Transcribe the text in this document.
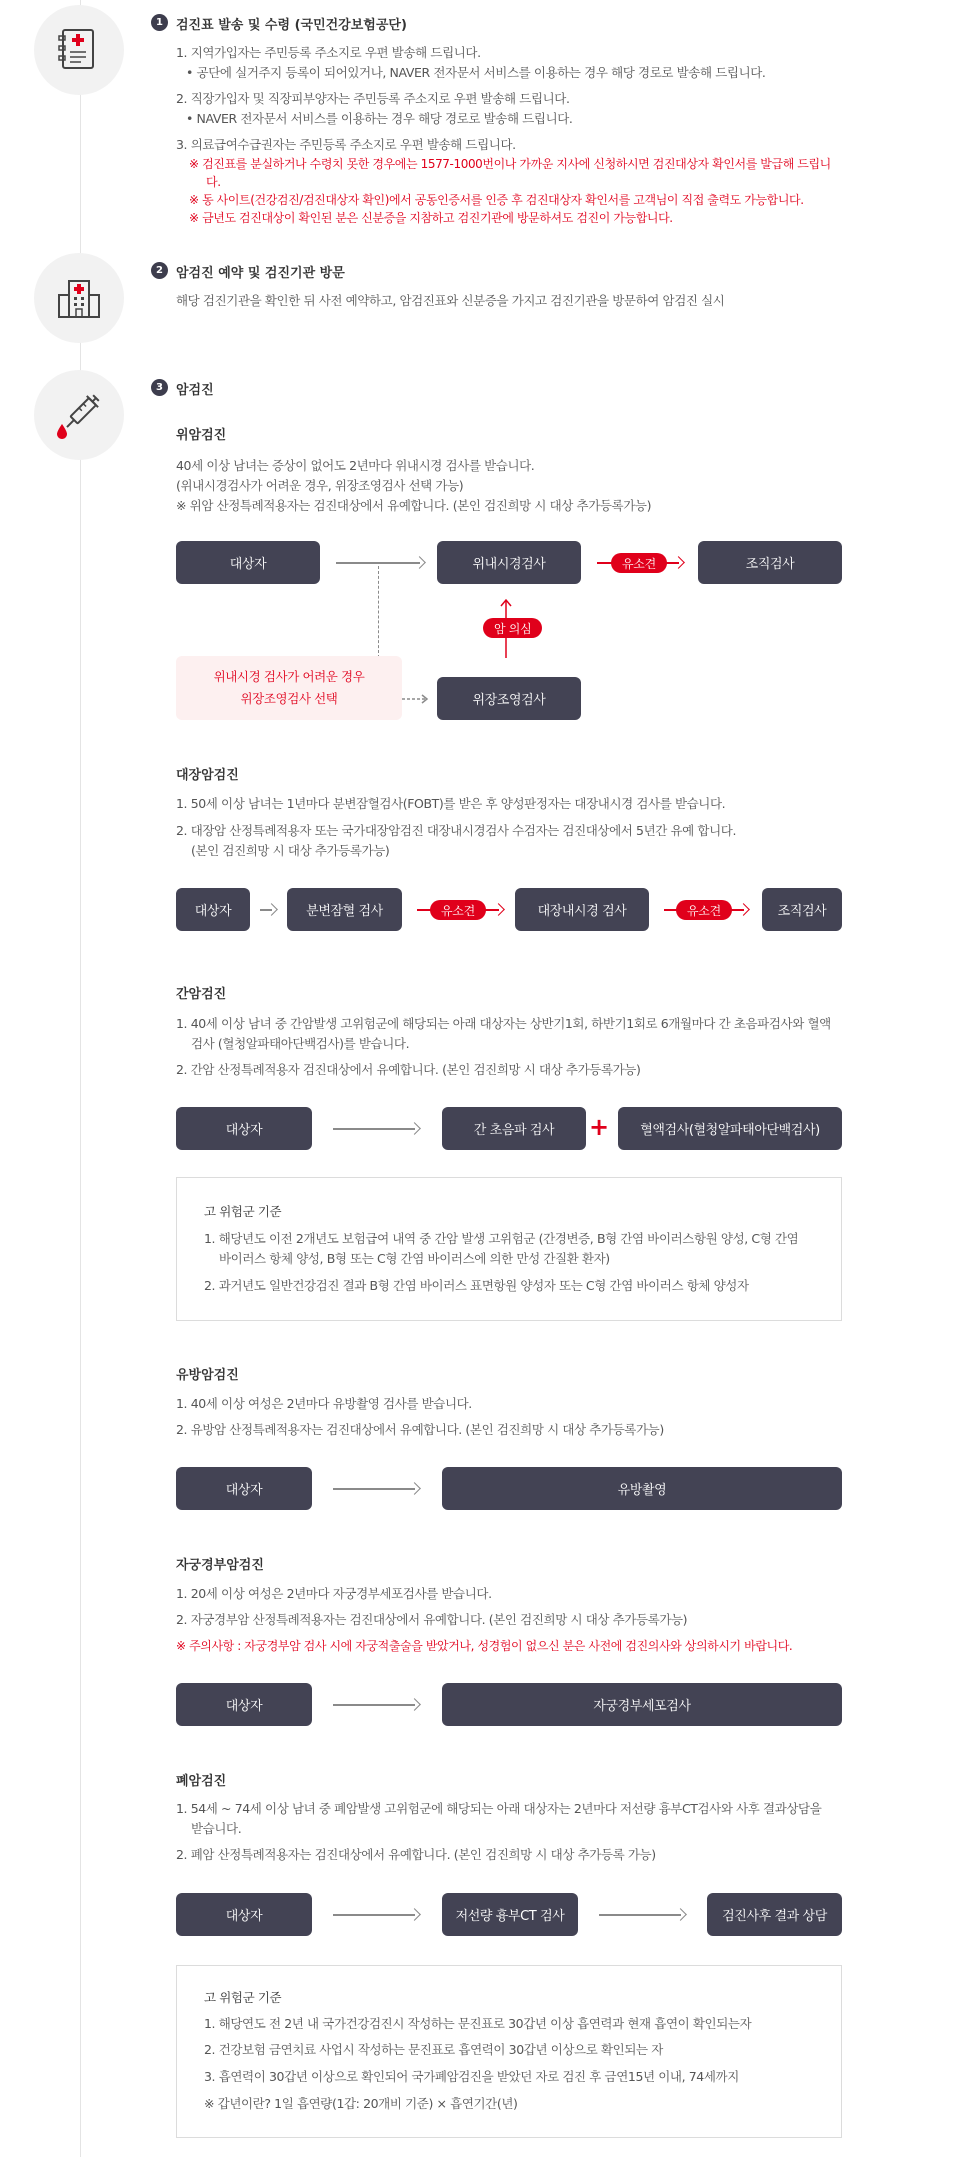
1	검진표 발송 및 수령 (국민건강보험공단)
1. 지역가입자는 주민등록 주소지로 우편 발송해 드립니다.
• 공단에 실거주지 등록이 되어있거나, NAVER 전자문서 서비스를 이용하는 경우 해당 경로로 발송해 드립니다.
2. 직장가입자 및 직장피부양자는 주민등록 주소지로 우편 발송해 드립니다.
• NAVER 전자문서 서비스를 이용하는 경우 해당 경로로 발송해 드립니다.
3. 의료급여수급권자는 주민등록 주소지로 우편 발송해 드립니다.
※ 검진표를 분실하거나 수령치 못한 경우에는 1577-1000번이나 가까운 지사에 신청하시면 검진대상자 확인서를 발급해 드립니
다.
※ 동 사이트(건강검진/검진대상자 확인)에서 공동인증서를 인증 후 검진대상자 확인서를 고객님이 직접 출력도 가능합니다.
※ 금년도 검진대상이 확인된 분은 신분증을 지참하고 검진기관에 방문하셔도 검진이 가능합니다.
2	암검진 예약 및 검진기관 방문
해당 검진기관을 확인한 뒤 사전 예약하고, 암검진표와 신분증을 가지고 검진기관을 방문하여 암검진 실시
3	암검진
위암검진
40세 이상 남녀는 증상이 없어도 2년마다 위내시경 검사를 받습니다.
(위내시경검사가 어려운 경우, 위장조영검사 선택 가능)
※ 위암 산정특례적용자는 검진대상에서 유예합니다. (본인 검진희망 시 대상 추가등록가능)
대상자	위내시경검사	유소견	조직검사
암 의심
위내시경 검사가 어려운 경우
위장조영검사 선택	위장조영검사
대장암검진
1. 50세 이상 남녀는 1년마다 분변잠혈검사(FOBT)를 받은 후 양성판정자는 대장내시경 검사를 받습니다.
2. 대장암 산정특례적용자 또는 국가대장암검진 대장내시경검사 수검자는 검진대상에서 5년간 유예 합니다.
(본인 검진희망 시 대상 추가등록가능)
대상자	분변잠혈 검사	유소견	대장내시경 검사	유소견	조직검사
간암검진
1. 40세 이상 남녀 중 간암발생 고위험군에 해당되는 아래 대상자는 상반기1회, 하반기1회로 6개월마다 간 초음파검사와 혈액
검사 (혈청알파태아단백검사)를 받습니다.
2. 간암 산정특례적용자 검진대상에서 유예합니다. (본인 검진희망 시 대상 추가등록가능)
대상자	간 초음파 검사	+	혈액검사(혈청알파태아단백검사)
고 위험군 기준
1. 해당년도 이전 2개년도 보험급여 내역 중 간암 발생 고위험군 (간경변증, B형 간염 바이러스항원 양성, C형 간염
바이러스 항체 양성, B형 또는 C형 간염 바이러스에 의한 만성 간질환 환자)
2. 과거년도 일반건강검진 결과 B형 간염 바이러스 표면항원 양성자 또는 C형 간염 바이러스 항체 양성자
유방암검진
1. 40세 이상 여성은 2년마다 유방촬영 검사를 받습니다.
2. 유방암 산정특례적용자는 검진대상에서 유예합니다. (본인 검진희망 시 대상 추가등록가능)
대상자	유방촬영
자궁경부암검진
1. 20세 이상 여성은 2년마다 자궁경부세포검사를 받습니다.
2. 자궁경부암 산정특례적용자는 검진대상에서 유예합니다. (본인 검진희망 시 대상 추가등록가능)
※ 주의사항 : 자궁경부암 검사 시에 자궁적출술을 받았거나, 성경험이 없으신 분은 사전에 검진의사와 상의하시기 바랍니다.
대상자	자궁경부세포검사
폐암검진
1. 54세 ~ 74세 이상 남녀 중 폐암발생 고위험군에 해당되는 아래 대상자는 2년마다 저선량 흉부CT검사와 사후 결과상담을
받습니다.
2. 폐암 산정특례적용자는 검진대상에서 유예합니다. (본인 검진희망 시 대상 추가등록 가능)
대상자	저선량 흉부CT 검사	검진사후 결과 상담
고 위험군 기준
1. 해당연도 전 2년 내 국가건강검진시 작성하는 문진표로 30갑년 이상 흡연력과 현재 흡연이 확인되는자
2. 건강보험 금연치료 사업시 작성하는 문진표로 흡연력이 30갑년 이상으로 확인되는 자
3. 흡연력이 30갑년 이상으로 확인되어 국가폐암검진을 받았던 자로 검진 후 금연15년 이내, 74세까지
※ 갑년이란? 1일 흡연량(1갑: 20개비 기준) × 흡연기간(년)
